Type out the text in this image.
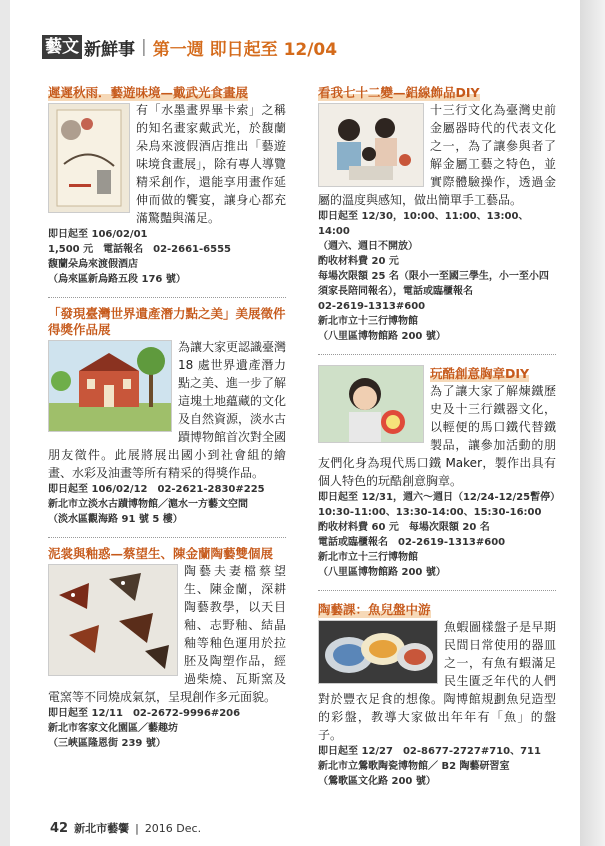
藝文 新鮮事 | 第一週 即日起至 12/04
遲遲秋雨．藝遊味境—戴武光食畫展
有「水墨畫界畢卡索」之稱的知名畫家戴武光，於馥蘭朵烏來渡假酒店推出「藝遊味境食畫展」，除有專人導覽精采創作，還能享用畫作延伸而做的饗宴，讓身心都充滿驚豔與滿足。
即日起至 106/02/01
1,500 元　電話報名　02-2661-6555
馥蘭朵烏來渡假酒店
（烏來區新烏路五段 176 號）
「發現臺灣世界遺產潛力點之美」美展徵件得獎作品展
為讓大家更認識臺灣 18 處世界遺產潛力點之美、進一步了解這塊土地蘊藏的文化及自然資源，淡水古蹟博物館首次對全國朋友徵件。此展將展出國小到社會組的繪畫、水彩及油畫等所有精采的得獎作品。
即日起至 106/02/12　02-2621-2830#225
新北市立淡水古蹟博物館／滬水一方藝文空間
（淡水區觀海路 91 號 5 樓）
泥裳與釉惑—蔡望生、陳金蘭陶藝雙個展
陶藝夫妻檔蔡望生、陳金蘭，深耕陶藝教學，以天目釉、志野釉、結晶釉等釉色運用於拉胚及陶塑作品，經過柴燒、瓦斯窯及電窯等不同燒成氣氛，呈現創作多元面貌。
即日起至 12/11　02-2672-9996#206
新北市客家文化園區／藝趣坊
（三峽區隆恩街 239 號）
看我七十二變—鋁線飾品DIY
十三行文化為臺灣史前金屬器時代的代表文化之一，為了讓參與者了解金屬工藝之特色，並實際體驗操作，透過金屬的溫度與感知，做出簡單手工藝品。
即日起至 12/30，10:00、11:00、13:00、14:00
（週六、週日不開放）
酌收材料費 20 元
每場次限額 25 名（限小一至國三學生，小一至小四須家長陪同報名），電話或臨櫃報名
02-2619-1313#600
新北市立十三行博物館
（八里區博物館路 200 號）
玩酷創意胸章DIY
為了讓大家了解煉鐵歷史及十三行鐵器文化，以輕便的馬口鐵代替鐵製品，讓參加活動的朋友們化身為現代馬口鐵 Maker，製作出具有個人特色的玩酷創意胸章。
即日起至 12/31，週六～週日（12/24-12/25暫停）
10:30-11:00、13:30-14:00、15:30-16:00
酌收材料費 60 元　每場次限額 20 名
電話或臨櫃報名　02-2619-1313#600
新北市立十三行博物館
（八里區博物館路 200 號）
陶藝課：魚兒盤中游
魚蝦圖樣盤子是早期民間日常使用的器皿之一，有魚有蝦滿足民生匱乏年代的人們對於豐衣足食的想像。陶博館規劃魚兒造型的彩盤，教導大家做出年年有「魚」的盤子。
即日起至 12/27　02-8677-2727#710、711
新北市立鶯歌陶瓷博物館／ B2 陶藝研習室
（鶯歌區文化路 200 號）
42 新北市藝饗 | 2016 Dec.
